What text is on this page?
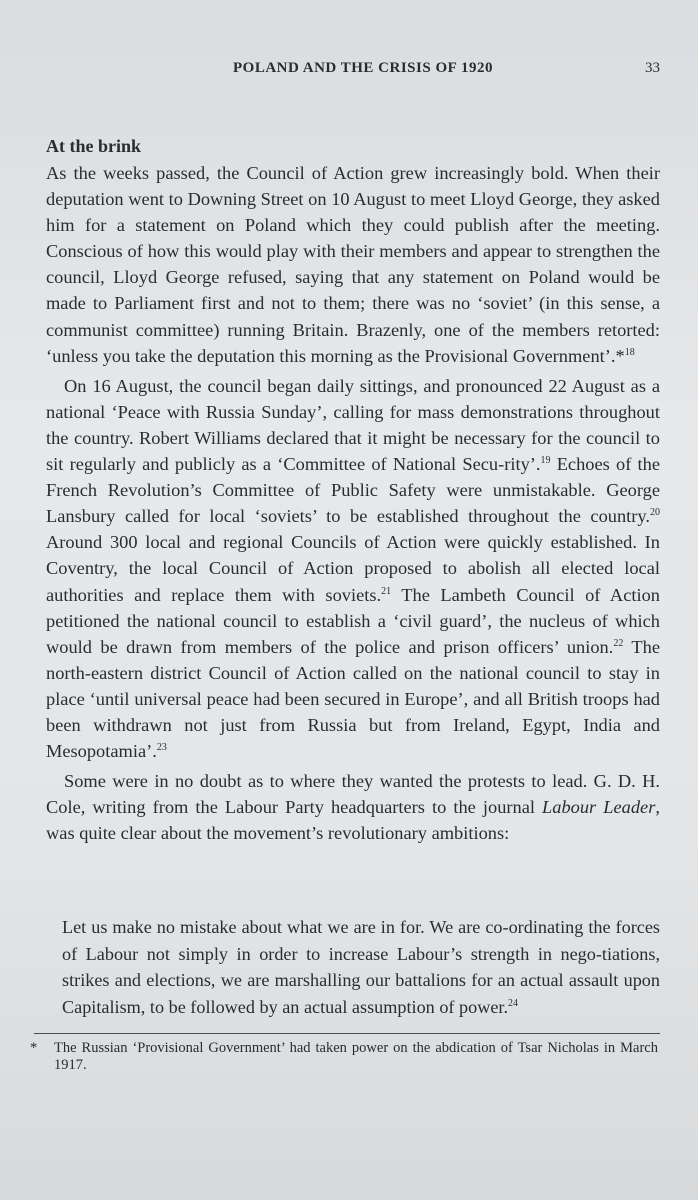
POLAND AND THE CRISIS OF 1920	33
At the brink

As the weeks passed, the Council of Action grew increasingly bold. When their deputation went to Downing Street on 10 August to meet Lloyd George, they asked him for a statement on Poland which they could publish after the meeting. Conscious of how this would play with their members and appear to strengthen the council, Lloyd George refused, saying that any statement on Poland would be made to Parliament first and not to them; there was no ‘soviet’ (in this sense, a communist committee) running Britain. Brazenly, one of the members retorted: ‘unless you take the deputation this morning as the Provisional Government’.*$^{18}$

On 16 August, the council began daily sittings, and pronounced 22 August as a national ‘Peace with Russia Sunday’, calling for mass demonstrations throughout the country. Robert Williams declared that it might be necessary for the council to sit regularly and publicly as a ‘Committee of National Secu-rity’.$^{19}$ Echoes of the French Revolution’s Committee of Public Safety were unmistakable. George Lansbury called for local ‘soviets’ to be established throughout the country.$^{20}$ Around 300 local and regional Councils of Action were quickly established. In Coventry, the local Council of Action proposed to abolish all elected local authorities and replace them with soviets.$^{21}$ The Lambeth Council of Action petitioned the national council to establish a ‘civil guard’, the nucleus of which would be drawn from members of the police and prison officers’ union.$^{22}$ The north-eastern district Council of Action called on the national council to stay in place ‘until universal peace had been secured in Europe’, and all British troops had been withdrawn not just from Russia but from Ireland, Egypt, India and Mesopotamia’.$^{23}$

Some were in no doubt as to where they wanted the protests to lead. G. D. H. Cole, writing from the Labour Party headquarters to the journal Labour Leader, was quite clear about the movement’s revolutionary ambitions:

Let us make no mistake about what we are in for. We are co-ordinating the forces of Labour not simply in order to increase Labour’s strength in nego-tiations, strikes and elections, we are marshalling our battalions for an actual assault upon Capitalism, to be followed by an actual assumption of power.$^{24}$
* The Russian ‘Provisional Government’ had taken power on the abdication of Tsar Nicholas in March 1917.
